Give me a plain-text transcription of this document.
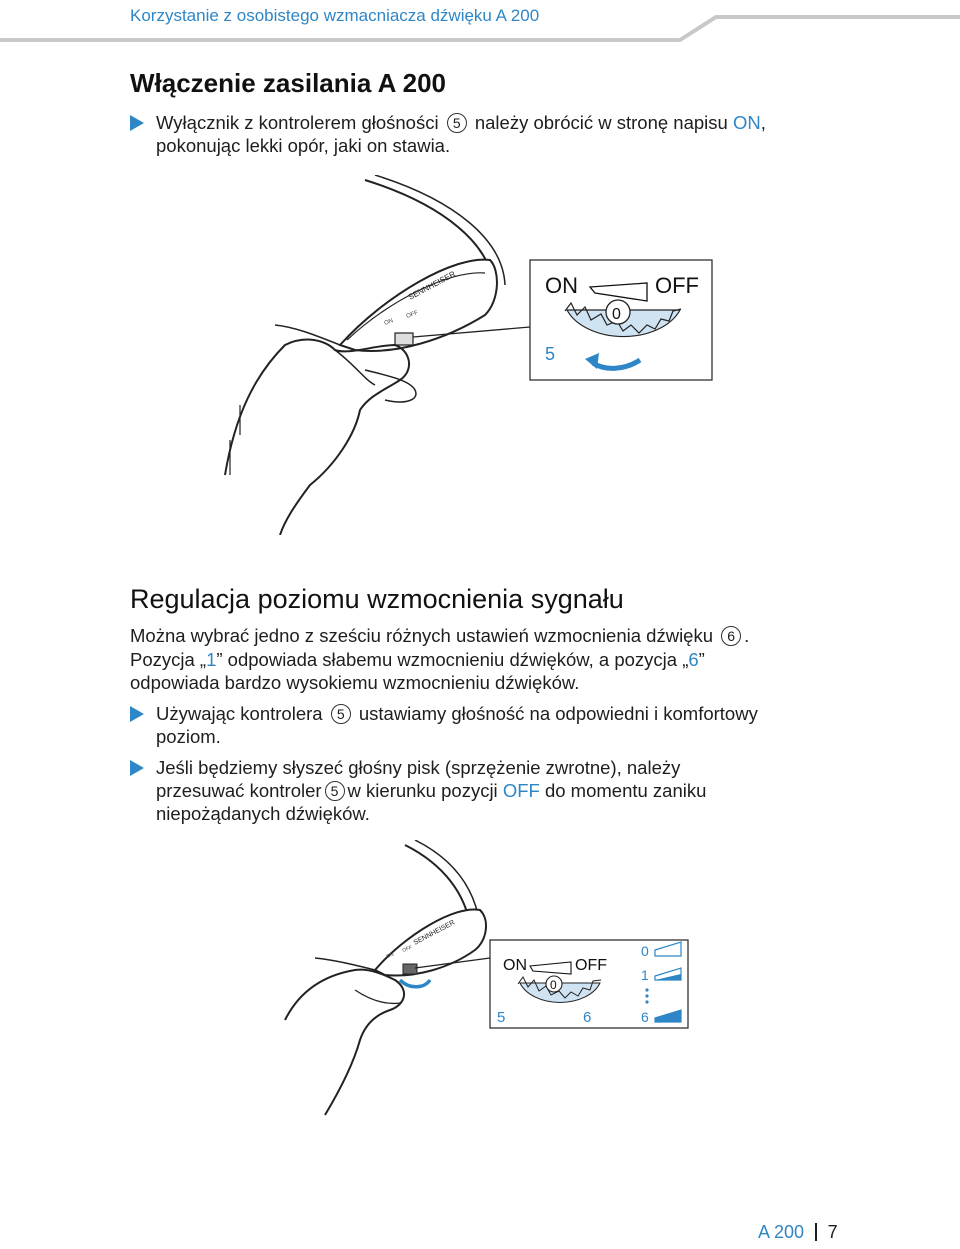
Korzystanie z osobistego wzmacniacza dźwięku A 200
Włączenie zasilania A 200
Wyłącznik z kontrolerem głośności 5 należy obrócić w stronę napisu ON,
pokonując lekki opór, jaki on stawia.
SENNHEISER
ON
OFF
ON	OFF
0
5
Regulacja poziomu wzmocnienia sygnału
Można wybrać jedno z sześciu różnych ustawień wzmocnienia dźwięku 6 .
Pozycja „1” odpowiada słabemu wzmocnieniu dźwięków, a pozycja „6”
odpowiada bardzo wysokiemu wzmocnieniu dźwięków.
Używając kontrolera 5 ustawiamy głośność na odpowiedni i komfortowy
poziom.
Jeśli będziemy słyszeć głośny pisk (sprzężenie zwrotne), należy
przesuwać kontroler 5 w kierunku pozycji OFF do momentu zaniku
niepożądanych dźwięków.
SENNHEISER
ON
OFF
ON	OFF
0
5	6
0
1
6
A 200 7
